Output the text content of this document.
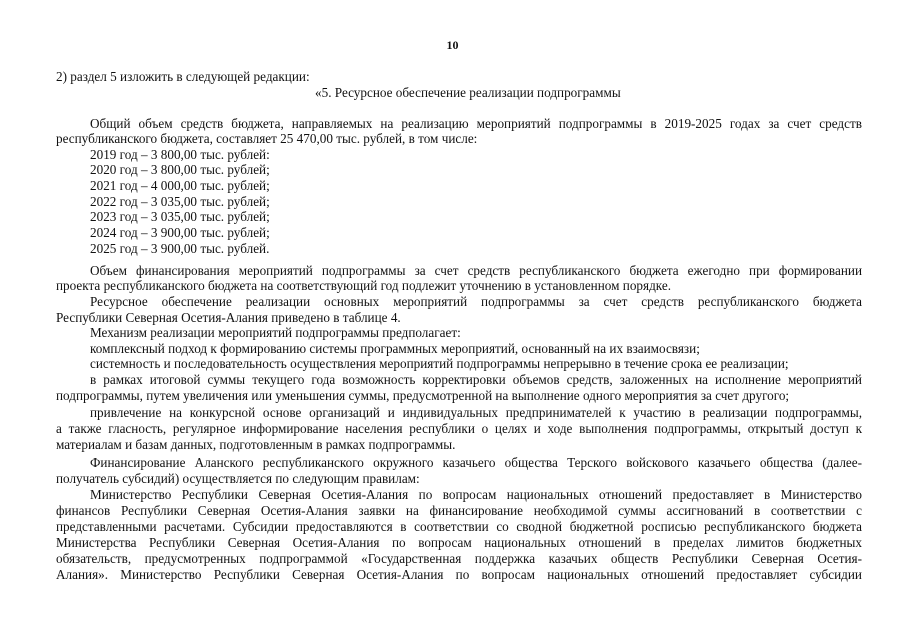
10
2) раздел 5 изложить в следующей редакции:
«5. Ресурсное обеспечение реализации подпрограммы
Общий объем средств бюджета, направляемых на реализацию мероприятий подпрограммы в 2019-2025 годах за счет средств
республиканского бюджета, составляет 25 470,00 тыс. рублей, в том числе:
2019 год – 3 800,00 тыс. рублей:
2020 год – 3 800,00 тыс. рублей;
2021 год – 4 000,00 тыс. рублей;
2022 год – 3 035,00 тыс. рублей;
2023 год – 3 035,00 тыс. рублей;
2024 год – 3 900,00 тыс. рублей;
2025 год – 3 900,00 тыс. рублей.
Объем финансирования мероприятий подпрограммы за счет средств республиканского бюджета ежегодно при формировании
проекта республиканского бюджета на соответствующий год подлежит уточнению в установленном порядке.
Ресурсное обеспечение реализации основных мероприятий подпрограммы за счет средств республиканского бюджета
Республики Северная Осетия-Алания приведено в таблице 4.
Механизм реализации мероприятий подпрограммы предполагает:
комплексный подход к формированию системы программных мероприятий, основанный на их взаимосвязи;
системность и последовательность осуществления мероприятий подпрограммы непрерывно в течение срока ее реализации;
в рамках итоговой суммы текущего года возможность корректировки объемов средств, заложенных на исполнение мероприятий
подпрограммы, путем увеличения или уменьшения суммы, предусмотренной на выполнение одного мероприятия за счет другого;
привлечение на конкурсной основе организаций и индивидуальных предпринимателей к участию в реализации подпрограммы,
а также гласность, регулярное информирование населения республики о целях и ходе выполнения подпрограммы, открытый доступ к
материалам и базам данных, подготовленным в рамках подпрограммы.
Финансирование Аланского республиканского окружного казачьего общества Терского войскового казачьего общества (далее-
получатель субсидий) осуществляется по следующим правилам:
Министерство Республики Северная Осетия-Алания по вопросам национальных отношений предоставляет в Министерство
финансов Республики Северная Осетия-Алания заявки на финансирование необходимой суммы ассигнований в соответствии с
представленными расчетами. Субсидии предоставляются в соответствии со сводной бюджетной росписью республиканского бюджета
Министерства Республики Северная Осетия-Алания по вопросам национальных отношений в пределах лимитов бюджетных
обязательств, предусмотренных подпрограммой «Государственная поддержка казачьих обществ Республики Северная Осетия-
Алания». Министерство Республики Северная Осетия-Алания по вопросам национальных отношений предоставляет субсидии
